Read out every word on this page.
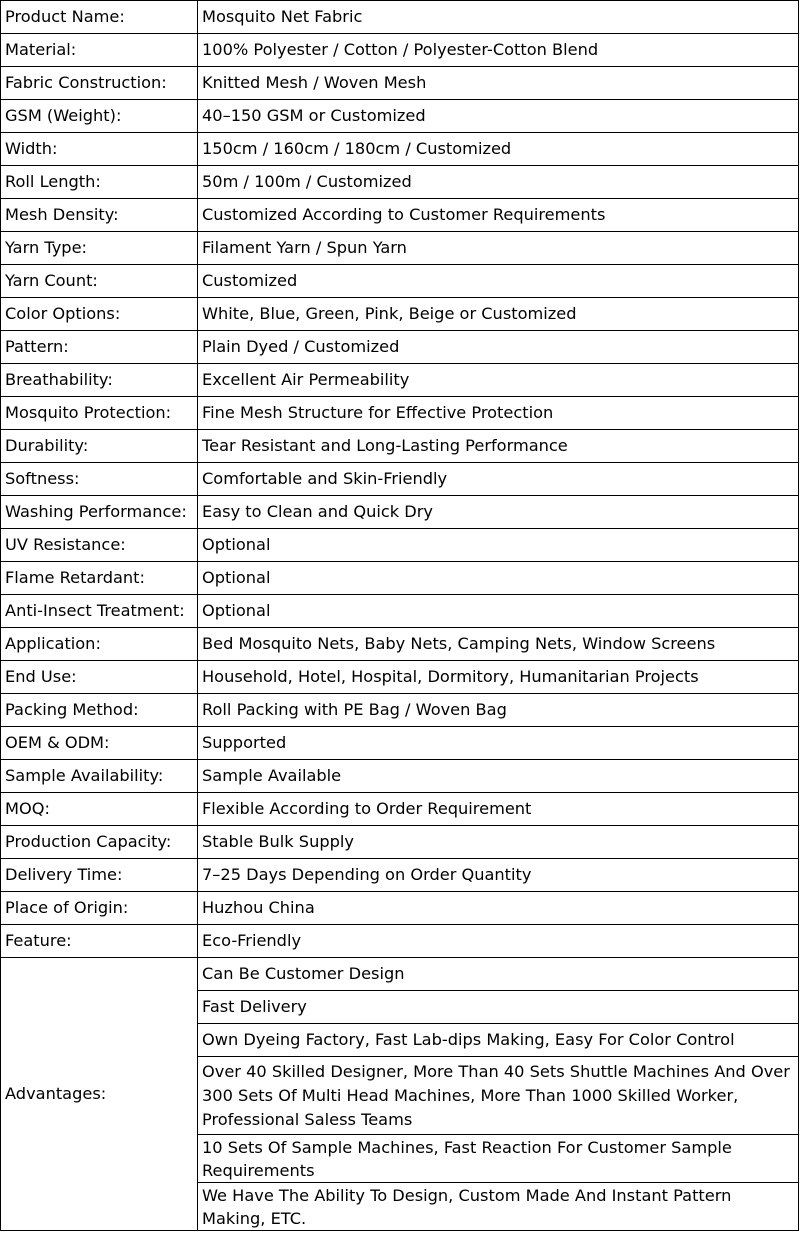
Product Name:	Mosquito Net Fabric
Material:	100% Polyester / Cotton / Polyester-Cotton Blend
Fabric Construction:	Knitted Mesh / Woven Mesh
GSM (Weight):	40–150 GSM or Customized
Width:	150cm / 160cm / 180cm / Customized
Roll Length:	50m / 100m / Customized
Mesh Density:	Customized According to Customer Requirements
Yarn Type:	Filament Yarn / Spun Yarn
Yarn Count:	Customized
Color Options:	White, Blue, Green, Pink, Beige or Customized
Pattern:	Plain Dyed / Customized
Breathability:	Excellent Air Permeability
Mosquito Protection:	Fine Mesh Structure for Effective Protection
Durability:	Tear Resistant and Long-Lasting Performance
Softness:	Comfortable and Skin-Friendly
Washing Performance:	Easy to Clean and Quick Dry
UV Resistance:	Optional
Flame Retardant:	Optional
Anti-Insect Treatment:	Optional
Application:	Bed Mosquito Nets, Baby Nets, Camping Nets, Window Screens
End Use:	Household, Hotel, Hospital, Dormitory, Humanitarian Projects
Packing Method:	Roll Packing with PE Bag / Woven Bag
OEM & ODM:	Supported
Sample Availability:	Sample Available
MOQ:	Flexible According to Order Requirement
Production Capacity:	Stable Bulk Supply
Delivery Time:	7–25 Days Depending on Order Quantity
Place of Origin:	Huzhou China
Feature:	Eco-Friendly
Advantages:	Can Be Customer Design
	Fast Delivery
	Own Dyeing Factory, Fast Lab-dips Making, Easy For Color Control
	Over 40 Skilled Designer, More Than 40 Sets Shuttle Machines And Over 300 Sets Of Multi Head Machines, More Than 1000 Skilled Worker, Professional Saless Teams
	10 Sets Of Sample Machines, Fast Reaction For Customer Sample Requirements
	We Have The Ability To Design, Custom Made And Instant Pattern Making, ETC.
